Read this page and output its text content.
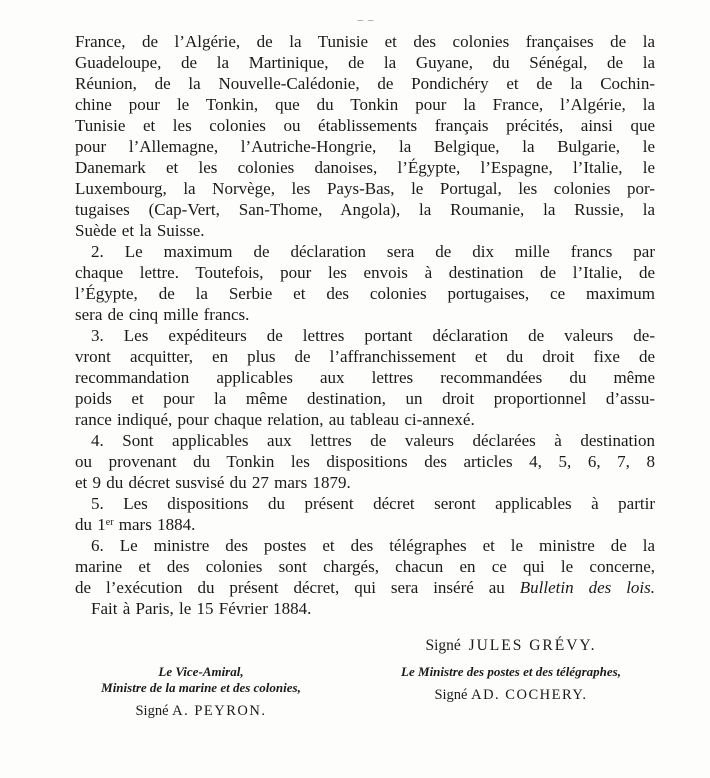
– –
France, de l’Algérie, de la Tunisie et des colonies françaises de la
Guadeloupe, de la Martinique, de la Guyane, du Sénégal, de la
Réunion, de la Nouvelle-Calédonie, de Pondichéry et de la Cochin-
chine pour le Tonkin, que du Tonkin pour la France, l’Algérie, la
Tunisie et les colonies ou établissements français précités, ainsi que
pour l’Allemagne, l’Autriche-Hongrie, la Belgique, la Bulgarie, le
Danemark et les colonies danoises, l’Égypte, l’Espagne, l’Italie, le
Luxembourg, la Norvège, les Pays-Bas, le Portugal, les colonies por-
tugaises (Cap-Vert, San-Thome, Angola), la Roumanie, la Russie, la
Suède et la Suisse.
2. Le maximum de déclaration sera de dix mille francs par
chaque lettre. Toutefois, pour les envois à destination de l’Italie, de
l’Égypte, de la Serbie et des colonies portugaises, ce maximum
sera de cinq mille francs.
3. Les expéditeurs de lettres portant déclaration de valeurs de-
vront acquitter, en plus de l’affranchissement et du droit fixe de
recommandation applicables aux lettres recommandées du même
poids et pour la même destination, un droit proportionnel d’assu-
rance indiqué, pour chaque relation, au tableau ci-annexé.
4. Sont applicables aux lettres de valeurs déclarées à destination
ou provenant du Tonkin les dispositions des articles 4, 5, 6, 7, 8
et 9 du décret susvisé du 27 mars 1879.
5. Les dispositions du présent décret seront applicables à partir
du 1er mars 1884.
6. Le ministre des postes et des télégraphes et le ministre de la
marine et des colonies sont chargés, chacun en ce qui le concerne,
de l’exécution du présent décret, qui sera inséré au Bulletin des lois.
Fait à Paris, le 15 Février 1884.
Signé JULES GRÉVY.
Le Vice-Amiral,
Ministre de la marine et des colonies,
Signé A. PEYRON.
Le Ministre des postes et des télégraphes,
Signé AD. COCHERY.
